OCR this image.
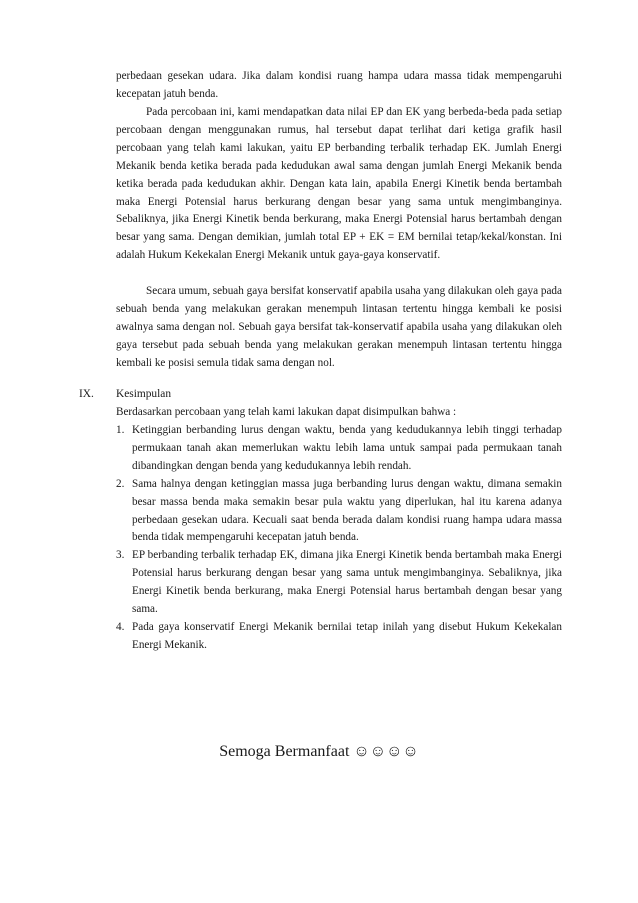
perbedaan gesekan udara. Jika dalam kondisi ruang hampa udara massa tidak mempengaruhi kecepatan jatuh benda.

Pada percobaan ini, kami mendapatkan data nilai EP dan EK yang berbeda-beda pada setiap percobaan dengan menggunakan rumus, hal tersebut dapat terlihat dari ketiga grafik hasil percobaan yang telah kami lakukan, yaitu EP berbanding terbalik terhadap EK. Jumlah Energi Mekanik benda ketika berada pada kedudukan awal sama dengan jumlah Energi Mekanik benda ketika berada pada kedudukan akhir. Dengan kata lain, apabila Energi Kinetik benda bertambah maka Energi Potensial harus berkurang dengan besar yang sama untuk mengimbanginya. Sebaliknya, jika Energi Kinetik benda berkurang, maka Energi Potensial harus bertambah dengan besar yang sama. Dengan demikian, jumlah total EP + EK = EM bernilai tetap/kekal/konstan. Ini adalah Hukum Kekekalan Energi Mekanik untuk gaya-gaya konservatif.

Secara umum, sebuah gaya bersifat konservatif apabila usaha yang dilakukan oleh gaya pada sebuah benda yang melakukan gerakan menempuh lintasan tertentu hingga kembali ke posisi awalnya sama dengan nol. Sebuah gaya bersifat tak-konservatif apabila usaha yang dilakukan oleh gaya tersebut pada sebuah benda yang melakukan gerakan menempuh lintasan tertentu hingga kembali ke posisi semula tidak sama dengan nol.

IX. Kesimpulan
Berdasarkan percobaan yang telah kami lakukan dapat disimpulkan bahwa :
1. Ketinggian berbanding lurus dengan waktu, benda yang kedudukannya lebih tinggi terhadap permukaan tanah akan memerlukan waktu lebih lama untuk sampai pada permukaan tanah dibandingkan dengan benda yang kedudukannya lebih rendah.
2. Sama halnya dengan ketinggian massa juga berbanding lurus dengan waktu, dimana semakin besar massa benda maka semakin besar pula waktu yang diperlukan, hal itu karena adanya perbedaan gesekan udara. Kecuali saat benda berada dalam kondisi ruang hampa udara massa benda tidak mempengaruhi kecepatan jatuh benda.
3. EP berbanding terbalik terhadap EK, dimana jika Energi Kinetik benda bertambah maka Energi Potensial harus berkurang dengan besar yang sama untuk mengimbanginya. Sebaliknya, jika Energi Kinetik benda berkurang, maka Energi Potensial harus bertambah dengan besar yang sama.
4. Pada gaya konservatif Energi Mekanik bernilai tetap inilah yang disebut Hukum Kekekalan Energi Mekanik.
Semoga Bermanfaat ☺☺☺☺
